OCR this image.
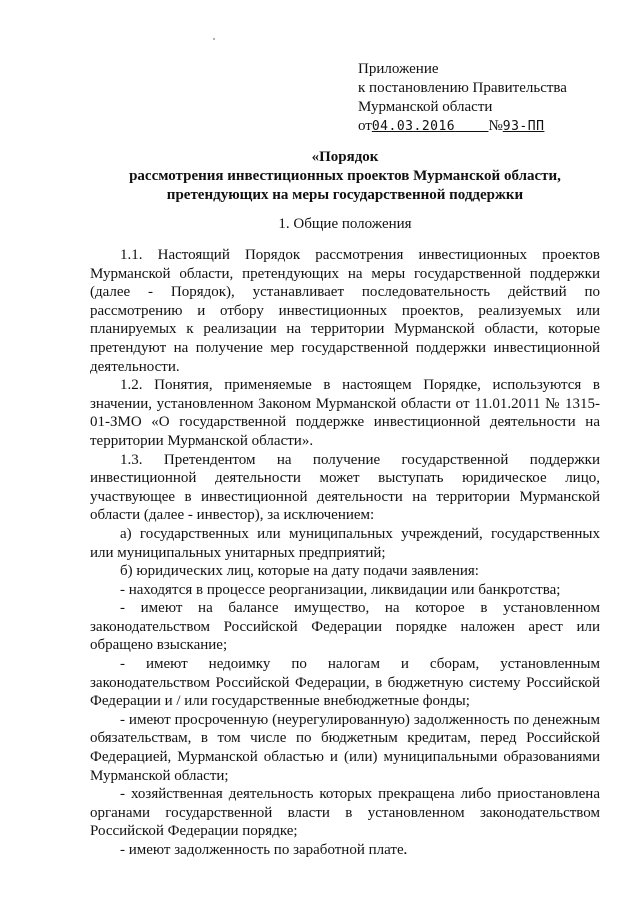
Приложение
к постановлению Правительства
Мурманской области
от04.03.2016 №93-ПП
«Порядок
рассмотрения инвестиционных проектов Мурманской области,
претендующих на меры государственной поддержки
1. Общие положения

1.1. Настоящий Порядок рассмотрения инвестиционных проектов Мурманской области, претендующих на меры государственной поддержки (далее - Порядок), устанавливает последовательность действий по рассмотрению и отбору инвестиционных проектов, реализуемых или планируемых к реализации на территории Мурманской области, которые претендуют на получение мер государственной поддержки инвестиционной деятельности.

1.2. Понятия, применяемые в настоящем Порядке, используются в значении, установленном Законом Мурманской области от 11.01.2011 № 1315-01-ЗМО «О государственной поддержке инвестиционной деятельности на территории Мурманской области».

1.3. Претендентом на получение государственной поддержки инвестиционной деятельности может выступать юридическое лицо, участвующее в инвестиционной деятельности на территории Мурманской области (далее - инвестор), за исключением:

а) государственных или муниципальных учреждений, государственных или муниципальных унитарных предприятий;

б) юридических лиц, которые на дату подачи заявления:

- находятся в процессе реорганизации, ликвидации или банкротства;

- имеют на балансе имущество, на которое в установленном законодательством Российской Федерации порядке наложен арест или обращено взыскание;

- имеют недоимку по налогам и сборам, установленным законодательством Российской Федерации, в бюджетную систему Российской Федерации и / или государственные внебюджетные фонды;

- имеют просроченную (неурегулированную) задолженность по денежным обязательствам, в том числе по бюджетным кредитам, перед Российской Федерацией, Мурманской областью и (или) муниципальными образованиями Мурманской области;

- хозяйственная деятельность которых прекращена либо приостановлена органами государственной власти в установленном законодательством Российской Федерации порядке;

- имеют задолженность по заработной плате.
